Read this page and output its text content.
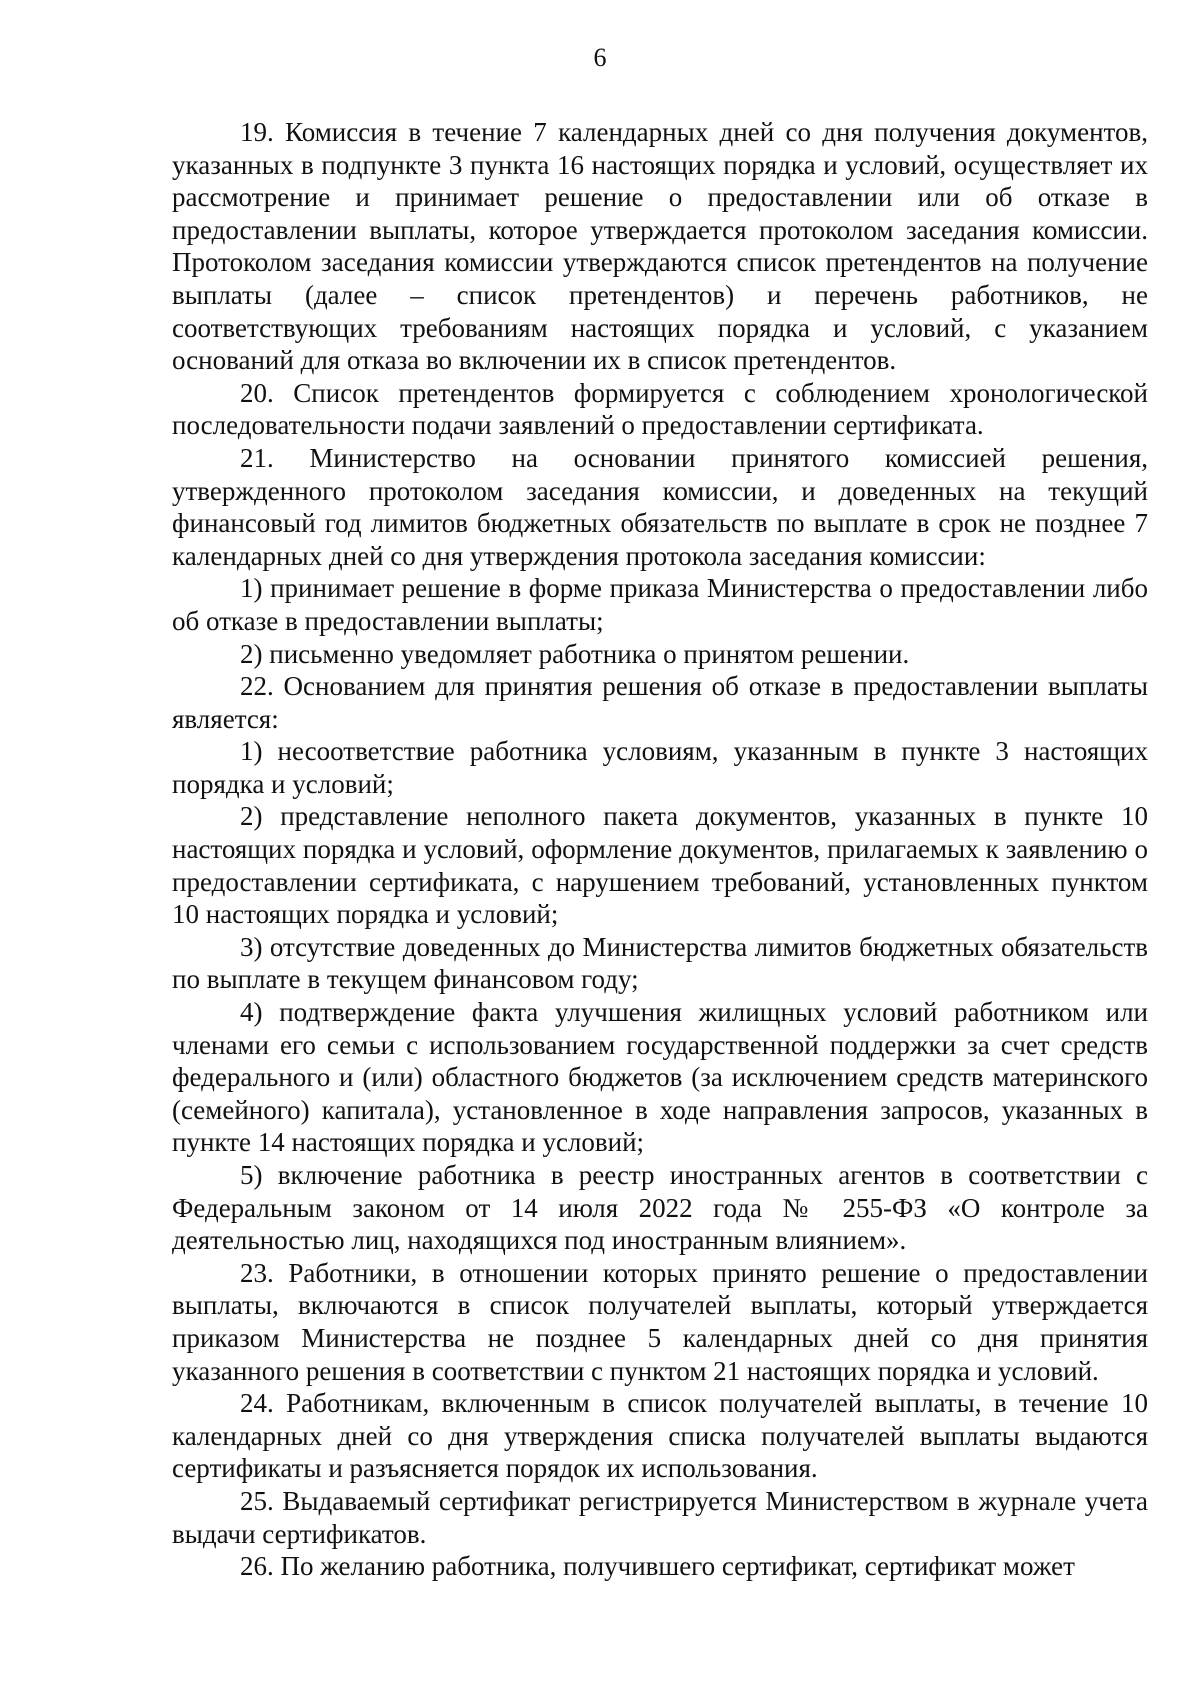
6

19. Комиссия в течение 7 календарных дней со дня получения документов, указанных в подпункте 3 пункта 16 настоящих порядка и условий, осуществляет их рассмотрение и принимает решение о предоставлении или об отказе в предоставлении выплаты, которое утверждается протоколом заседания комиссии. Протоколом заседания комиссии утверждаются список претендентов на получение выплаты (далее – список претендентов) и перечень работников, не соответствующих требованиям настоящих порядка и условий, с указанием оснований для отказа во включении их в список претендентов.

20. Список претендентов формируется с соблюдением хронологической последовательности подачи заявлений о предоставлении сертификата.

21. Министерство на основании принятого комиссией решения, утвержденного протоколом заседания комиссии, и доведенных на текущий финансовый год лимитов бюджетных обязательств по выплате в срок не позднее 7 календарных дней со дня утверждения протокола заседания комиссии:

1) принимает решение в форме приказа Министерства о предоставлении либо об отказе в предоставлении выплаты;

2) письменно уведомляет работника о принятом решении.

22. Основанием для принятия решения об отказе в предоставлении выплаты является:

1) несоответствие работника условиям, указанным в пункте 3 настоящих порядка и условий;

2) представление неполного пакета документов, указанных в пункте 10 настоящих порядка и условий, оформление документов, прилагаемых к заявлению о предоставлении сертификата, с нарушением требований, установленных пунктом 10 настоящих порядка и условий;

3) отсутствие доведенных до Министерства лимитов бюджетных обязательств по выплате в текущем финансовом году;

4) подтверждение факта улучшения жилищных условий работником или членами его семьи с использованием государственной поддержки за счет средств федерального и (или) областного бюджетов (за исключением средств материнского (семейного) капитала), установленное в ходе направления запросов, указанных в пункте 14 настоящих порядка и условий;

5) включение работника в реестр иностранных агентов в соответствии с Федеральным законом от 14 июля 2022 года № 255-ФЗ «О контроле за деятельностью лиц, находящихся под иностранным влиянием».

23. Работники, в отношении которых принято решение о предоставлении выплаты, включаются в список получателей выплаты, который утверждается приказом Министерства не позднее 5 календарных дней со дня принятия указанного решения в соответствии с пунктом 21 настоящих порядка и условий.

24. Работникам, включенным в список получателей выплаты, в течение 10 календарных дней со дня утверждения списка получателей выплаты выдаются сертификаты и разъясняется порядок их использования.

25. Выдаваемый сертификат регистрируется Министерством в журнале учета выдачи сертификатов.

26. По желанию работника, получившего сертификат, сертификат может
